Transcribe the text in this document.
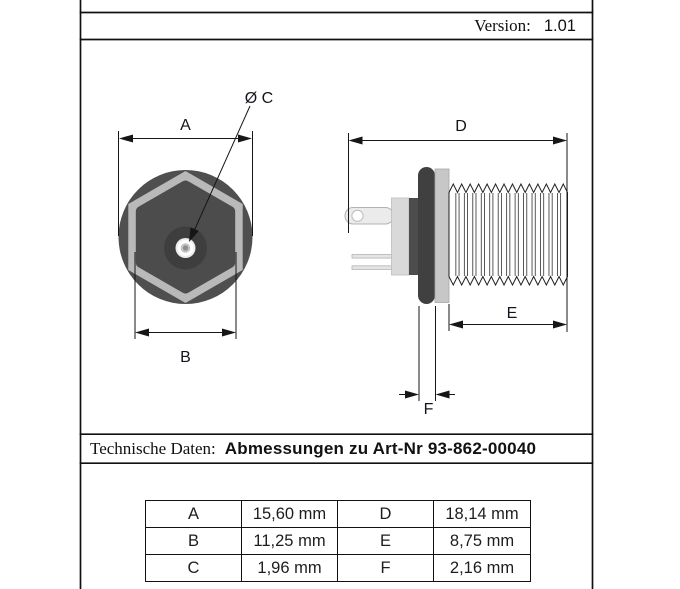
A
B
Ø C
D
E
F
Version: 1.01
Technische Daten: Abmessungen zu Art-Nr 93-862-00040
A	15,60 mm	D	18,14 mm
B	11,25 mm	E	8,75 mm
C	1,96 mm	F	2,16 mm
